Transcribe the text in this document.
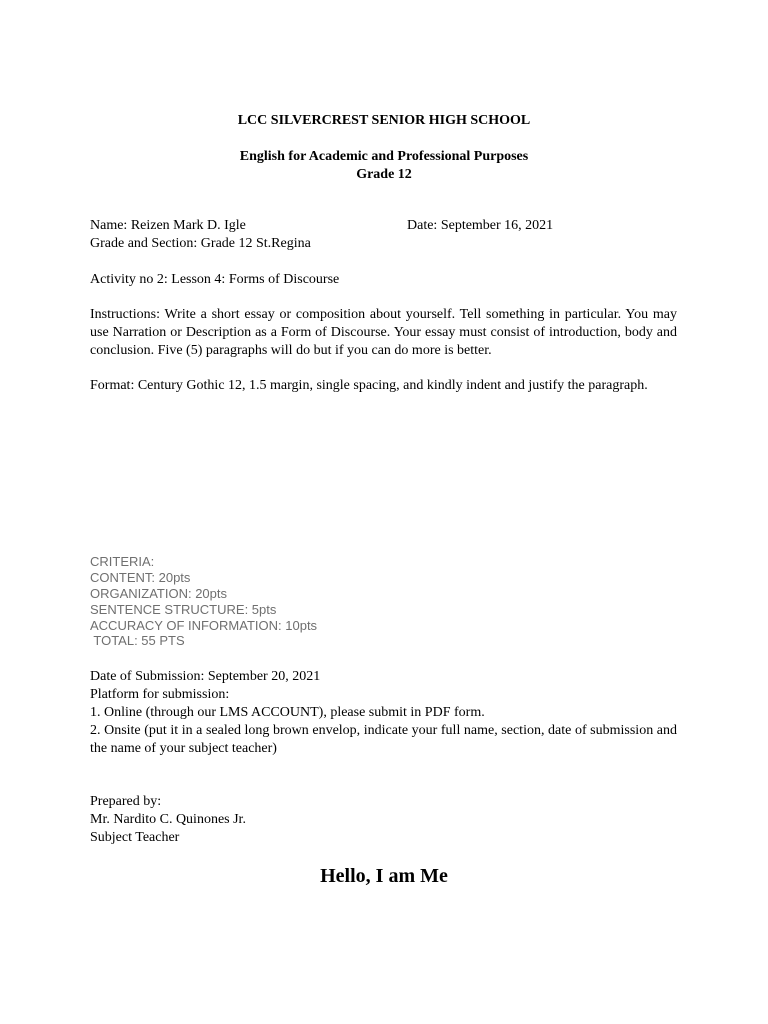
LCC SILVERCREST SENIOR HIGH SCHOOL
English for Academic and Professional Purposes
Grade 12
Name: Reizen Mark D. Igle	Date: September 16, 2021
Grade and Section: Grade 12 St.Regina
Activity no 2: Lesson 4: Forms of Discourse
Instructions: Write a short essay or composition about yourself. Tell something in particular. You may use Narration or Description as a Form of Discourse. Your essay must consist of introduction, body and conclusion. Five (5) paragraphs will do but if you can do more is better.
Format: Century Gothic 12, 1.5 margin, single spacing, and kindly indent and justify the paragraph.
CRITERIA:
CONTENT: 20pts
ORGANIZATION: 20pts
SENTENCE STRUCTURE: 5pts
ACCURACY OF INFORMATION: 10pts
TOTAL: 55 PTS
Date of Submission: September 20, 2021
Platform for submission:
1. Online (through our LMS ACCOUNT), please submit in PDF form.
2. Onsite (put it in a sealed long brown envelop, indicate your full name, section, date of submission and the name of your subject teacher)
Prepared by:
Mr. Nardito C. Quinones Jr.
Subject Teacher
Hello, I am Me
